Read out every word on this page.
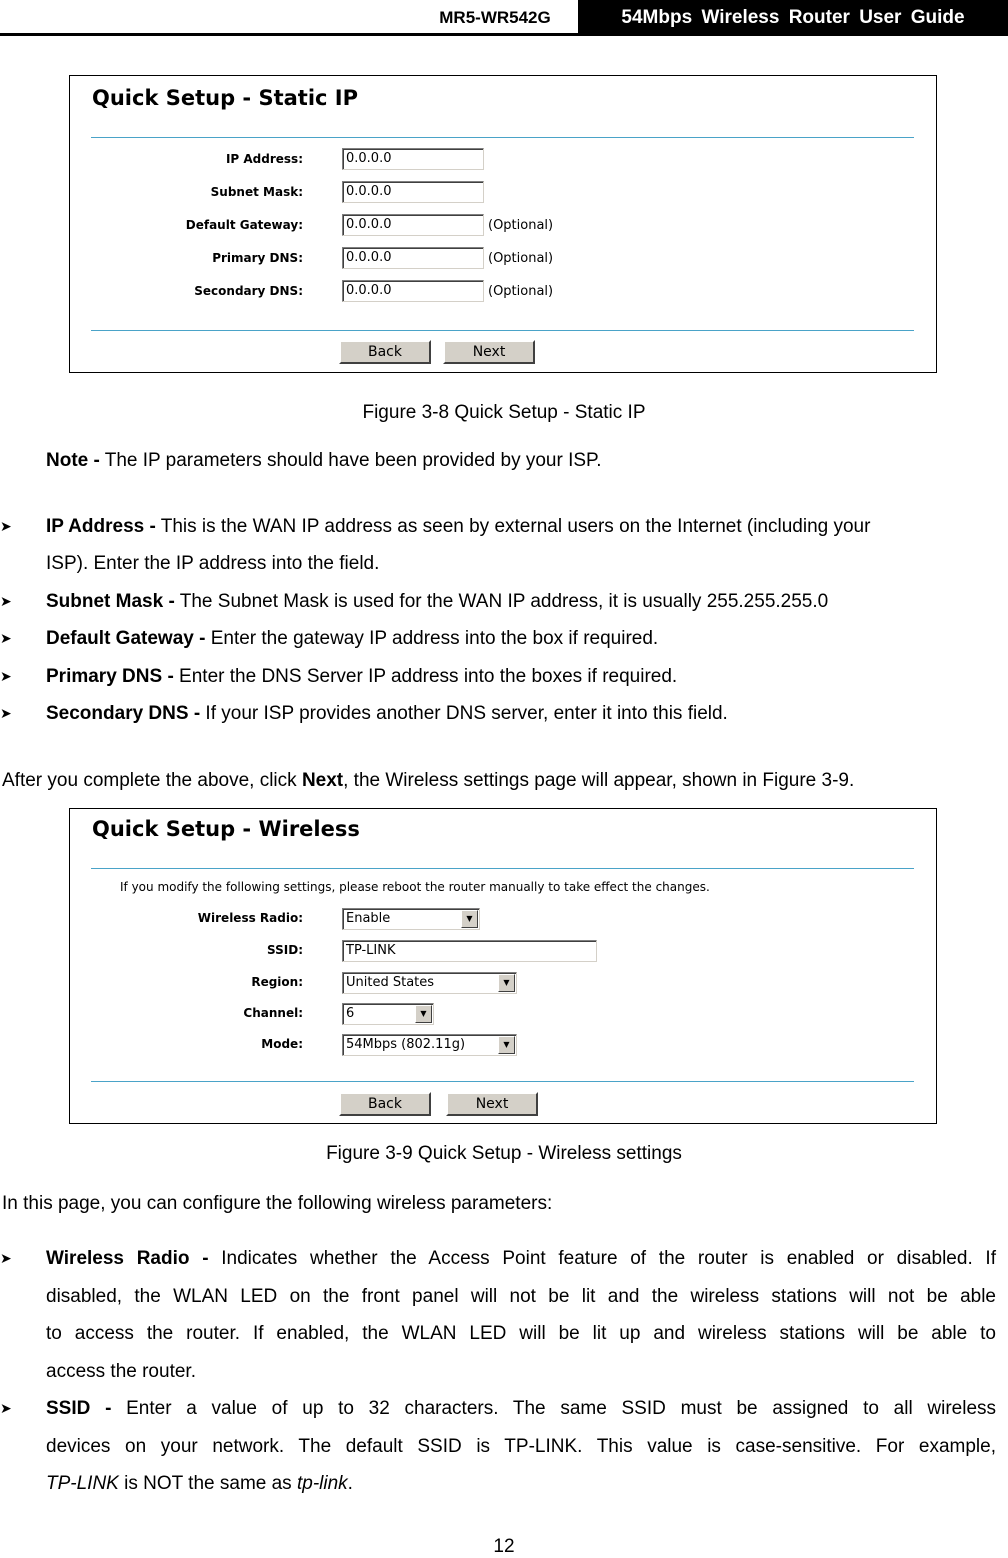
MR5-WR542G	54Mbps Wireless Router User Guide
Quick Setup - Static IP
IP Address:	0.0.0.0
Subnet Mask:	0.0.0.0
Default Gateway:	0.0.0.0	(Optional)
Primary DNS:	0.0.0.0	(Optional)
Secondary DNS:	0.0.0.0	(Optional)
Back	Next
Figure 3-8 Quick Setup - Static IP
Note - The IP parameters should have been provided by your ISP.
➤ IP Address - This is the WAN IP address as seen by external users on the Internet (including your
ISP). Enter the IP address into the field.
➤ Subnet Mask - The Subnet Mask is used for the WAN IP address, it is usually 255.255.255.0
➤ Default Gateway - Enter the gateway IP address into the box if required.
➤ Primary DNS - Enter the DNS Server IP address into the boxes if required.
➤ Secondary DNS - If your ISP provides another DNS server, enter it into this field.
After you complete the above, click Next, the Wireless settings page will appear, shown in Figure 3-9.
Quick Setup - Wireless
If you modify the following settings, please reboot the router manually to take effect the changes.
Wireless Radio:	Enable	▼
SSID:	TP-LINK
Region:	United States	▼
Channel:	6	▼
Mode:	54Mbps (802.11g)	▼
Back	Next
Figure 3-9 Quick Setup - Wireless settings
In this page, you can configure the following wireless parameters:
➤ Wireless Radio - Indicates whether the Access Point feature of the router is enabled or disabled. If
disabled, the WLAN LED on the front panel will not be lit and the wireless stations will not be able
to access the router. If enabled, the WLAN LED will be lit up and wireless stations will be able to
access the router.
➤ SSID - Enter a value of up to 32 characters. The same SSID must be assigned to all wireless
devices on your network. The default SSID is TP-LINK. This value is case-sensitive. For example,
TP-LINK is NOT the same as tp-link.
12
